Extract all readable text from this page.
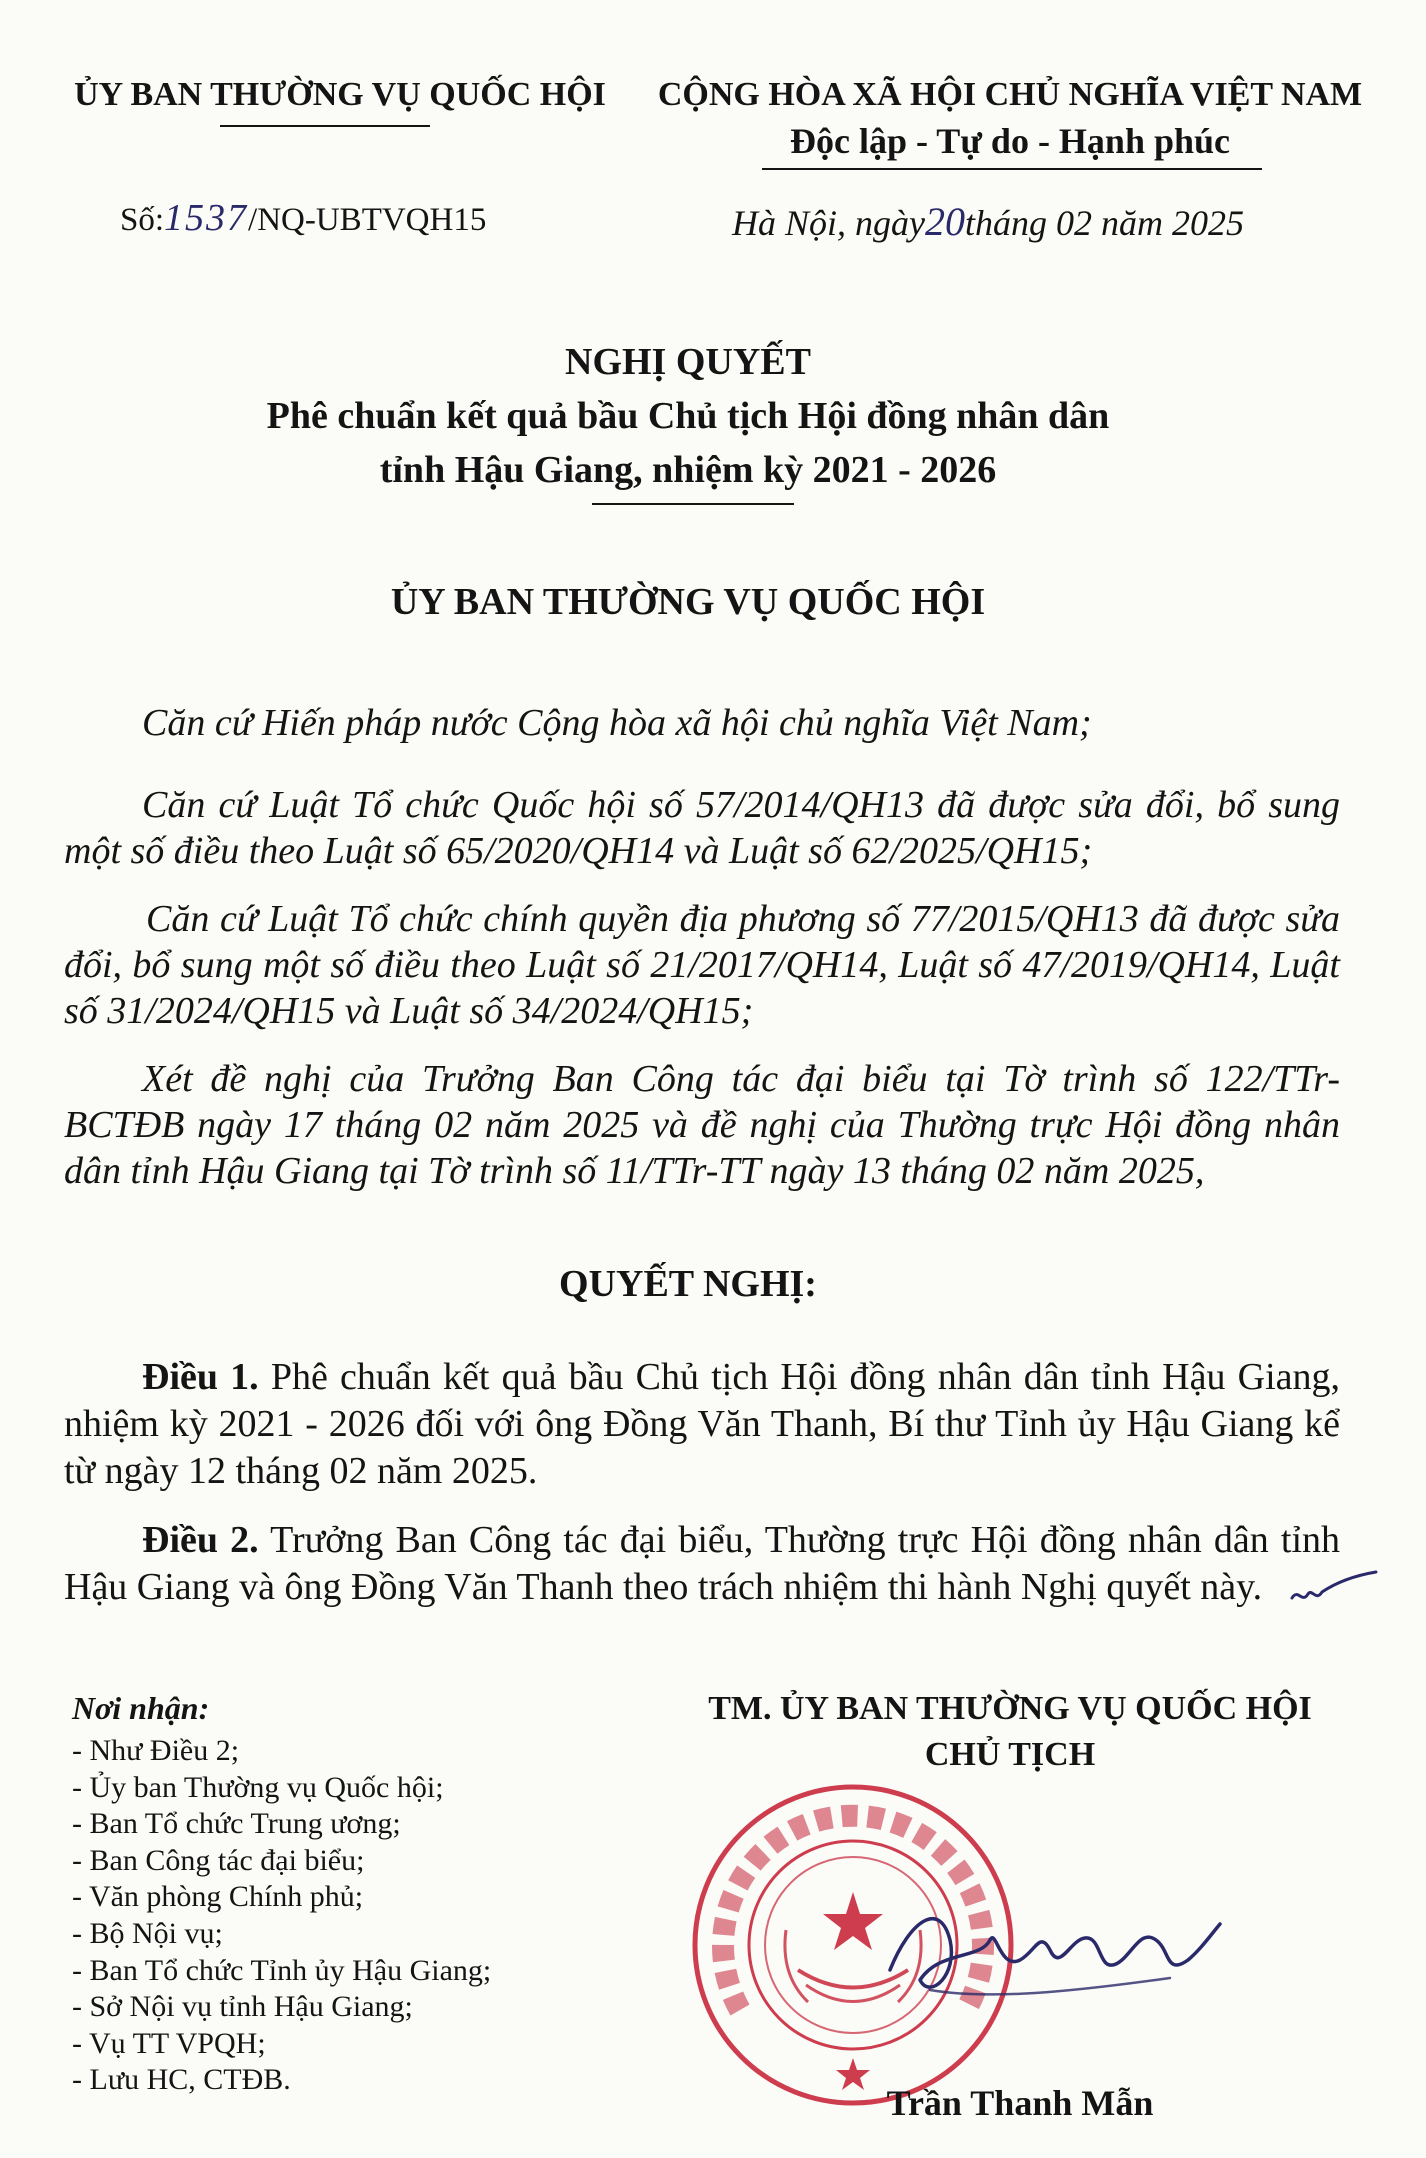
ỦY BAN THƯỜNG VỤ QUỐC HỘI	CỘNG HÒA XÃ HỘI CHỦ NGHĨA VIỆT NAM
Độc lập - Tự do - Hạnh phúc
Số:1537/NQ-UBTVQH15	Hà Nội, ngày20tháng 02 năm 2025
NGHỊ QUYẾT
Phê chuẩn kết quả bầu Chủ tịch Hội đồng nhân dân
tỉnh Hậu Giang, nhiệm kỳ 2021 - 2026
ỦY BAN THƯỜNG VỤ QUỐC HỘI

Căn cứ Hiến pháp nước Cộng hòa xã hội chủ nghĩa Việt Nam;

Căn cứ Luật Tổ chức Quốc hội số 57/2014/QH13 đã được sửa đổi, bổ sung một số điều theo Luật số 65/2020/QH14 và Luật số 62/2025/QH15;

Căn cứ Luật Tổ chức chính quyền địa phương số 77/2015/QH13 đã được sửa đổi, bổ sung một số điều theo Luật số 21/2017/QH14, Luật số 47/2019/QH14, Luật số 31/2024/QH15 và Luật số 34/2024/QH15;

Xét đề nghị của Trưởng Ban Công tác đại biểu tại Tờ trình số 122/TTr-BCTĐB ngày 17 tháng 02 năm 2025 và đề nghị của Thường trực Hội đồng nhân dân tỉnh Hậu Giang tại Tờ trình số 11/TTr-TT ngày 13 tháng 02 năm 2025,

QUYẾT NGHỊ:

Điều 1. Phê chuẩn kết quả bầu Chủ tịch Hội đồng nhân dân tỉnh Hậu Giang, nhiệm kỳ 2021 - 2026 đối với ông Đồng Văn Thanh, Bí thư Tỉnh ủy Hậu Giang kể từ ngày 12 tháng 02 năm 2025.

Điều 2. Trưởng Ban Công tác đại biểu, Thường trực Hội đồng nhân dân tỉnh Hậu Giang và ông Đồng Văn Thanh theo trách nhiệm thi hành Nghị quyết này.

Nơi nhận:
- Như Điều 2;
- Ủy ban Thường vụ Quốc hội;
- Ban Tổ chức Trung ương;
- Ban Công tác đại biểu;
- Văn phòng Chính phủ;
- Bộ Nội vụ;
- Ban Tổ chức Tỉnh ủy Hậu Giang;
- Sở Nội vụ tỉnh Hậu Giang;
- Vụ TT VPQH;
- Lưu HC, CTĐB.
TM. ỦY BAN THƯỜNG VỤ QUỐC HỘI
CHỦ TỊCH
Trần Thanh Mẫn
